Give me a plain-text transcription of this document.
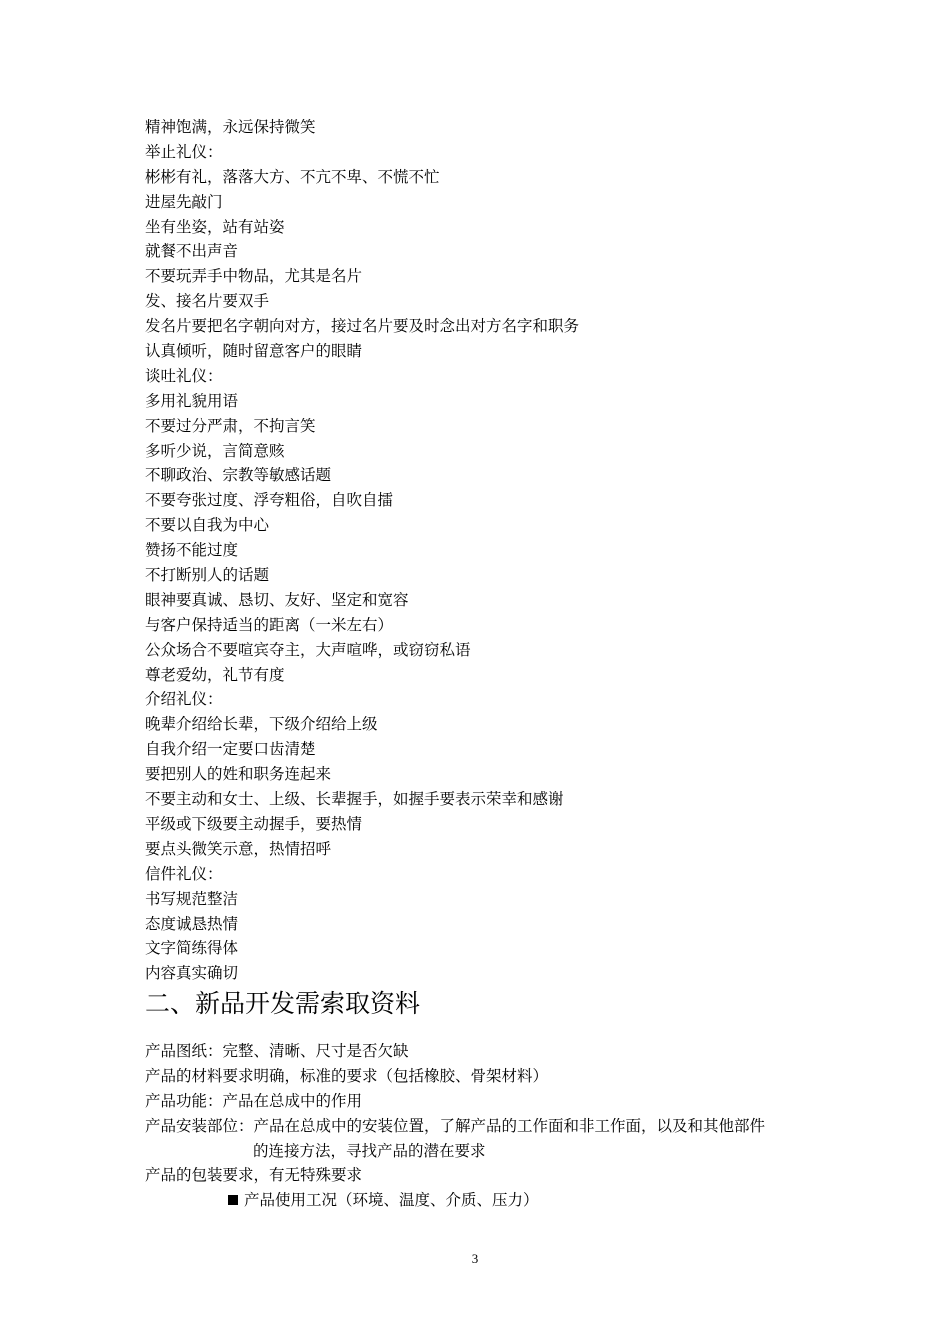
精神饱满，永远保持微笑
举止礼仪：
彬彬有礼，落落大方、不亢不卑、不慌不忙
进屋先敲门
坐有坐姿，站有站姿
就餐不出声音
不要玩弄手中物品，尤其是名片
发、接名片要双手
发名片要把名字朝向对方，接过名片要及时念出对方名字和职务
认真倾听，随时留意客户的眼睛
谈吐礼仪：
多用礼貌用语
不要过分严肃，不拘言笑
多听少说，言简意赅
不聊政治、宗教等敏感话题
不要夸张过度、浮夸粗俗，自吹自擂
不要以自我为中心
赞扬不能过度
不打断别人的话题
眼神要真诚、恳切、友好、坚定和宽容
与客户保持适当的距离（一米左右）
公众场合不要喧宾夺主，大声喧哗，或窃窃私语
尊老爱幼，礼节有度
介绍礼仪：
晚辈介绍给长辈，下级介绍给上级
自我介绍一定要口齿清楚
要把别人的姓和职务连起来
不要主动和女士、上级、长辈握手，如握手要表示荣幸和感谢
平级或下级要主动握手，要热情
要点头微笑示意，热情招呼
信件礼仪：
书写规范整洁
态度诚恳热情
文字简练得体
内容真实确切
二、新品开发需索取资料
产品图纸：完整、清晰、尺寸是否欠缺
产品的材料要求明确，标准的要求（包括橡胶、骨架材料）
产品功能：产品在总成中的作用
产品安装部位：产品在总成中的安装位置，了解产品的工作面和非工作面，以及和其他部件
的连接方法，寻找产品的潜在要求
产品的包装要求，有无特殊要求
产品使用工况（环境、温度、介质、压力）
3
